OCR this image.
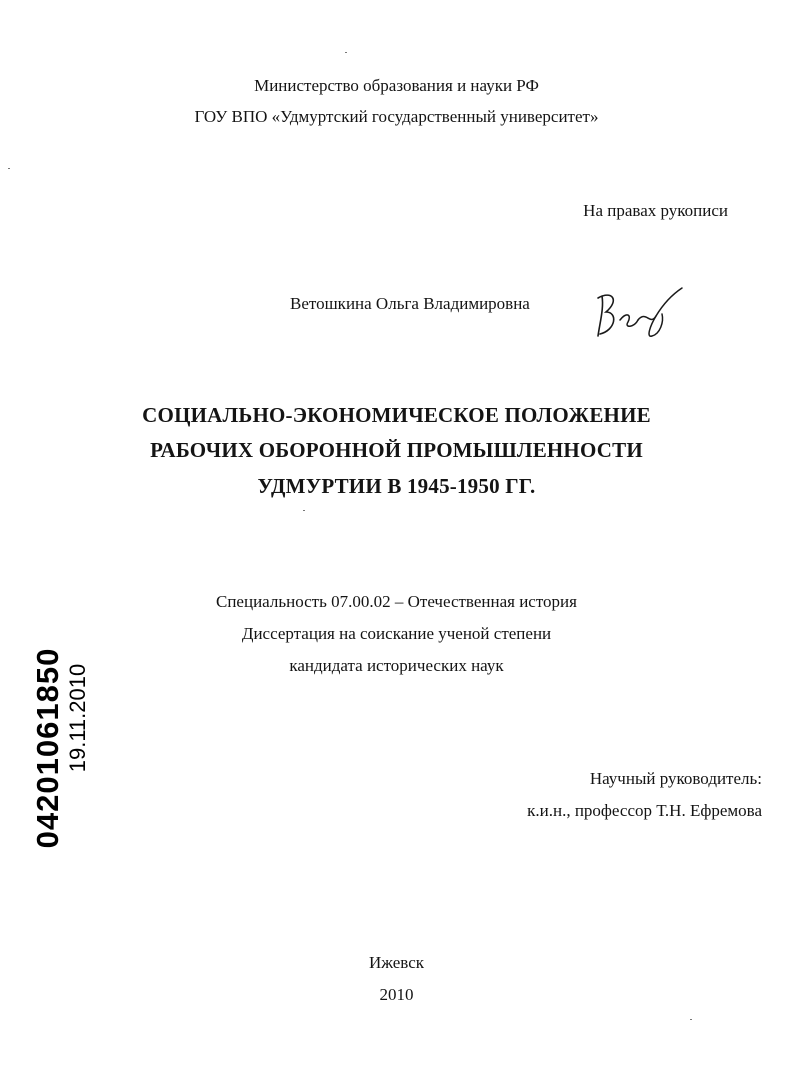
Министерство образования и науки РФ
ГОУ ВПО «Удмуртский государственный университет»
На правах рукописи
Ветошкина Ольга Владимировна
СОЦИАЛЬНО-ЭКОНОМИЧЕСКОЕ ПОЛОЖЕНИЕ
РАБОЧИХ ОБОРОННОЙ ПРОМЫШЛЕННОСТИ
УДМУРТИИ В 1945-1950 ГГ.
Специальность 07.00.02 – Отечественная история
Диссертация на соискание ученой степени
кандидата исторических наук
Научный руководитель:
к.и.н., профессор Т.Н. Ефремова
Ижевск
2010
04201061850 19.11.2010
